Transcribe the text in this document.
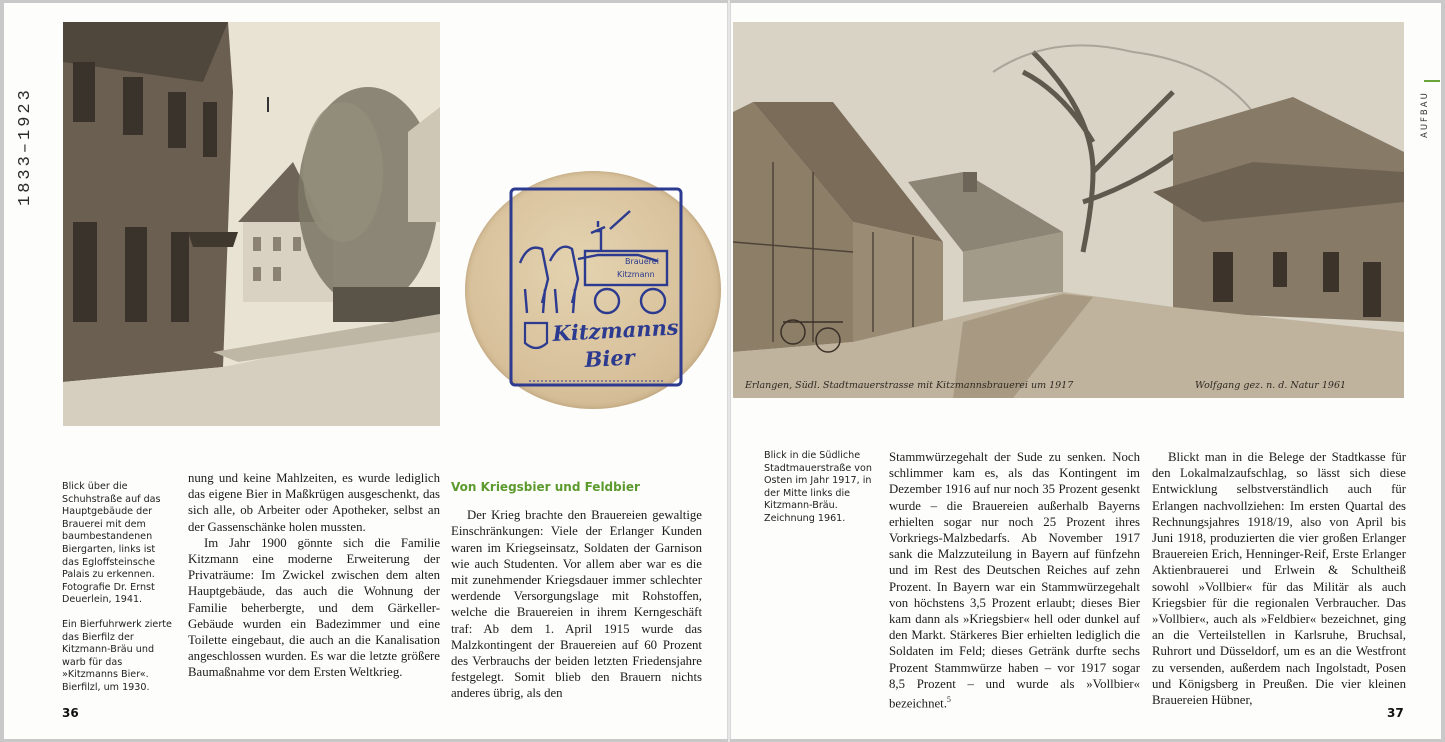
1833–1923
Brauerei
Kitzmann
Kitzmanns
Bier

Blick über die Schuhstraße auf das Hauptgebäude der Brauerei mit dem baumbestandenen Biergarten, links ist das Egloffsteinsche Palais zu erkennen. Fotografie Dr. Ernst Deuerlein, 1941.

Ein Bierfuhrwerk zierte das Bierfilz der Kitzmann-Bräu und warb für das »Kitzmanns Bier«. Bierfilzl, um 1930.

nung und keine Mahlzeiten, es wurde lediglich das eigene Bier in Maßkrügen ausgeschenkt, das sich alle, ob Arbeiter oder Apotheker, selbst an der Gassenschänke holen mussten.

Im Jahr 1900 gönnte sich die Familie Kitzmann eine moderne Erweiterung der Privaträume: Im Zwickel zwischen dem alten Hauptgebäude, das auch die Wohnung der Familie beherbergte, und dem Gärkeller-Gebäude wurden ein Badezimmer und eine Toilette eingebaut, die auch an die Kanalisation angeschlossen wurden. Es war die letzte größere Baumaßnahme vor dem Ersten Weltkrieg.

Von Kriegsbier und Feldbier

Der Krieg brachte den Brauereien gewaltige Einschränkungen: Viele der Erlanger Kunden waren im Kriegseinsatz, Soldaten der Garnison wie auch Studenten. Vor allem aber war es die mit zunehmender Kriegsdauer immer schlechter werdende Versorgungslage mit Rohstoffen, welche die Brauereien in ihrem Kerngeschäft traf: Ab dem 1. April 1915 wurde das Malzkontingent der Brauereien auf 60 Prozent des Verbrauchs der beiden letzten Friedensjahre festgelegt. Somit blieb den Brauern nichts anderes übrig, als den

36
Erlangen, Südl. Stadtmauerstrasse mit Kitzmannsbrauerei um 1917	Wolfgang gez. n. d. Natur 1961
Blick in die Südliche Stadtmauerstraße von Osten im Jahr 1917, in der Mitte links die Kitzmann-Bräu. Zeichnung 1961.

Stammwürzegehalt der Sude zu senken. Noch schlimmer kam es, als das Kontingent im Dezember 1916 auf nur noch 35 Prozent gesenkt wurde – die Brauereien außerhalb Bayerns erhielten sogar nur noch 25 Prozent ihres Vorkriegs-Malzbedarfs. Ab November 1917 sank die Malzzuteilung in Bayern auf fünfzehn und im Rest des Deutschen Reiches auf zehn Prozent. In Bayern war ein Stammwürzegehalt von höchstens 3,5 Prozent erlaubt; dieses Bier kam dann als »Kriegsbier« hell oder dunkel auf den Markt. Stärkeres Bier erhielten lediglich die Soldaten im Feld; dieses Getränk durfte sechs Prozent Stammwürze haben – vor 1917 sogar 8,5 Prozent – und wurde als »Vollbier« bezeichnet.$^5$

Blickt man in die Belege der Stadtkasse für den Lokalmalzaufschlag, so lässt sich diese Entwicklung selbstverständlich auch für Erlangen nachvollziehen: Im ersten Quartal des Rechnungsjahres 1918/19, also von April bis Juni 1918, produzierten die vier großen Erlanger Brauereien Erich, Henninger-Reif, Erste Erlanger Aktienbrauerei und Erlwein & Schultheiß sowohl »Vollbier« für das Militär als auch Kriegsbier für die regionalen Verbraucher. Das »Vollbier«, auch als »Feldbier« bezeichnet, ging an die Verteilstellen in Karlsruhe, Bruchsal, Ruhrort und Düsseldorf, um es an die Westfront zu versenden, außerdem nach Ingolstadt, Posen und Königsberg in Preußen. Die vier kleinen Brauereien Hübner,

37
AUFBAU
